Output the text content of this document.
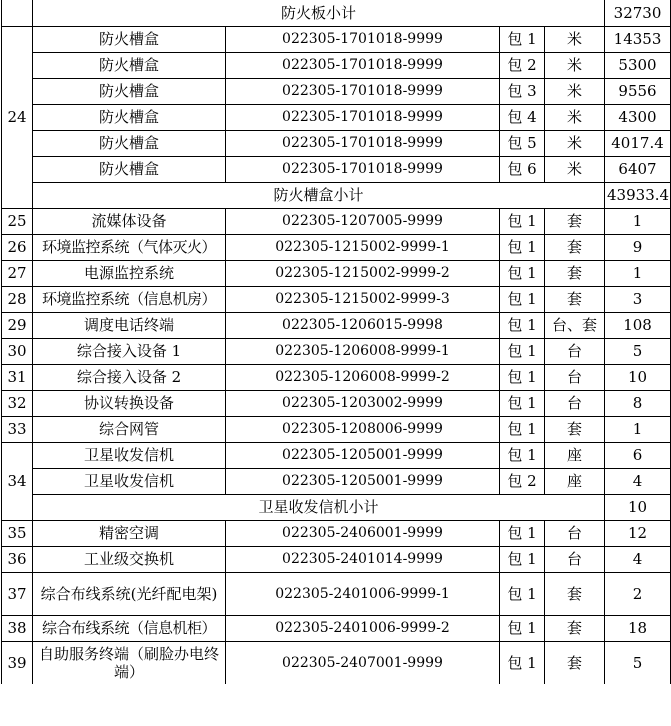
	防火板小计				32730
24	防火槽盒	022305-1701018-9999	包 1	米	14353
	防火槽盒	022305-1701018-9999	包 2	米	5300
	防火槽盒	022305-1701018-9999	包 3	米	9556
	防火槽盒	022305-1701018-9999	包 4	米	4300
	防火槽盒	022305-1701018-9999	包 5	米	4017.4
	防火槽盒	022305-1701018-9999	包 6	米	6407
	防火槽盒小计				43933.4
25	流媒体设备	022305-1207005-9999	包 1	套	1
26	环境监控系统（气体灭火）	022305-1215002-9999-1	包 1	套	9
27	电源监控系统	022305-1215002-9999-2	包 1	套	1
28	环境监控系统（信息机房）	022305-1215002-9999-3	包 1	套	3
29	调度电话终端	022305-1206015-9998	包 1	台、套	108
30	综合接入设备 1	022305-1206008-9999-1	包 1	台	5
31	综合接入设备 2	022305-1206008-9999-2	包 1	台	10
32	协议转换设备	022305-1203002-9999	包 1	台	8
33	综合网管	022305-1208006-9999	包 1	套	1
34	卫星收发信机	022305-1205001-9999	包 1	座	6
	卫星收发信机	022305-1205001-9999	包 2	座	4
	卫星收发信机小计				10
35	精密空调	022305-2406001-9999	包 1	台	12
36	工业级交换机	022305-2401014-9999	包 1	台	4
37	综合布线系统(光纤配电架)	022305-2401006-9999-1	包 1	套	2
38	综合布线系统（信息机柜）	022305-2401006-9999-2	包 1	套	18
39	自助服务终端（刷脸办电终端）	022305-2407001-9999	包 1	套	5
